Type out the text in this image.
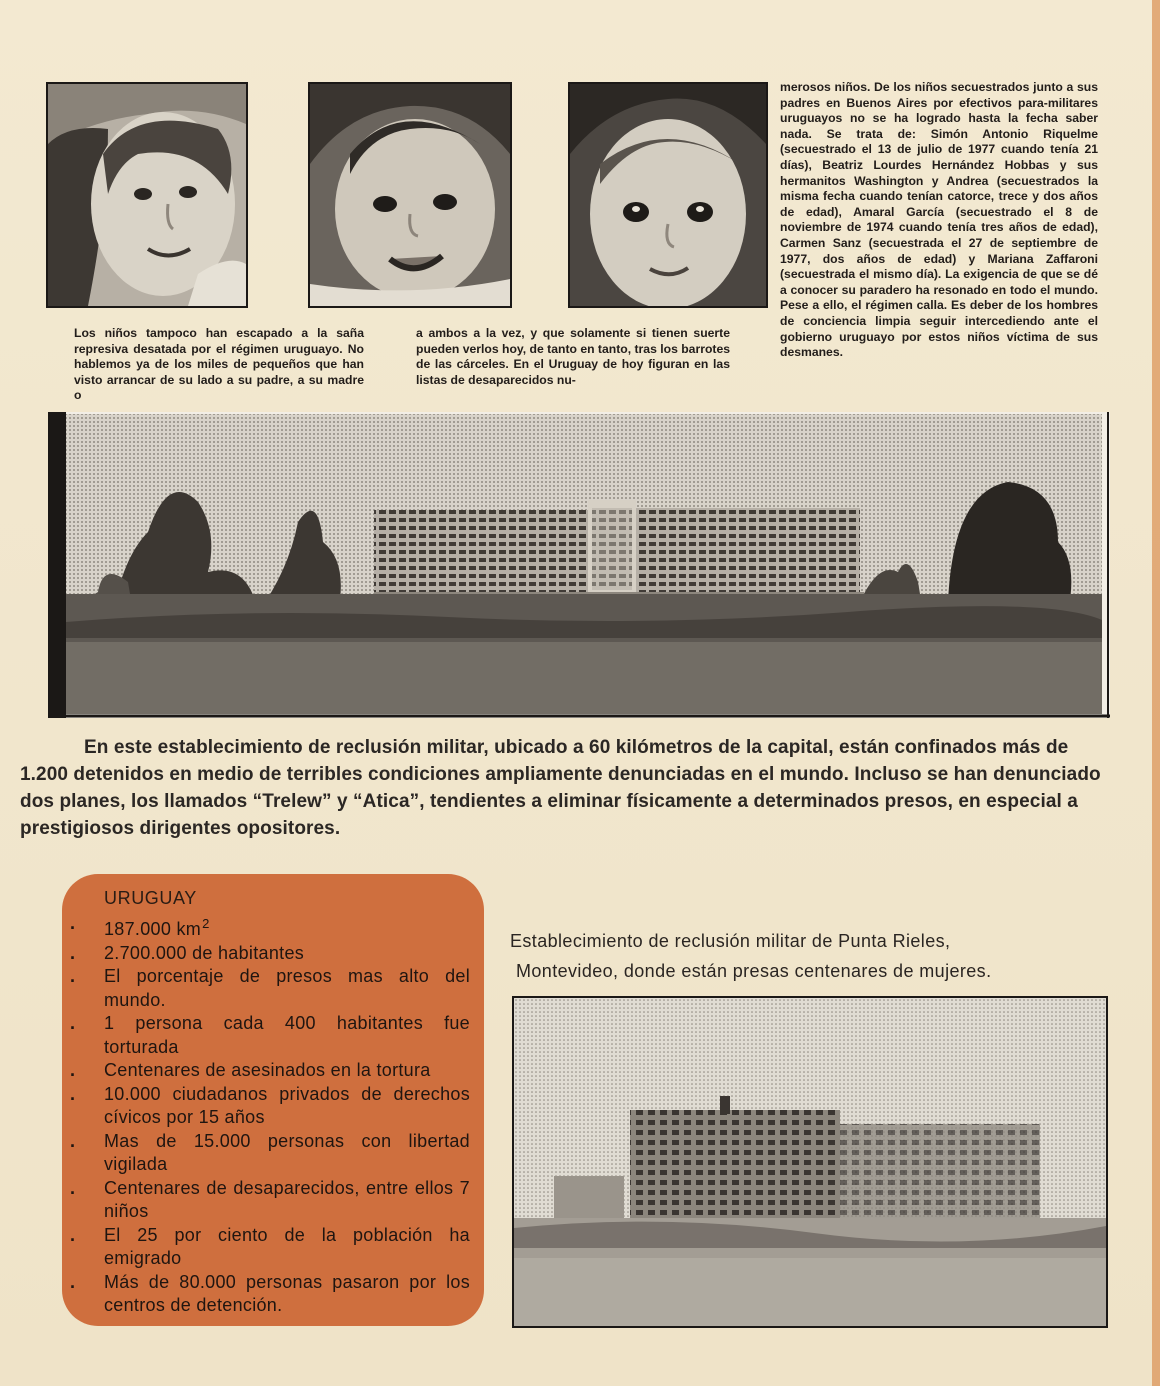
Los niños tampoco han escapado a la saña represiva desatada por el régimen uruguayo. No hablemos ya de los miles de pequeños que han visto arrancar de su lado a su padre, a su madre o

a ambos a la vez, y que solamente si tienen suerte pueden verlos hoy, de tanto en tanto, tras los barrotes de las cárceles. En el Uruguay de hoy figuran en las listas de desaparecidos nu-

merosos niños. De los niños secuestrados junto a sus padres en Buenos Aires por efectivos para-militares uruguayos no se ha logrado hasta la fecha saber nada. Se trata de: Simón Antonio Riquelme (secuestrado el 13 de julio de 1977 cuando tenía 21 días), Beatriz Lourdes Hernández Hobbas y sus hermanitos Washington y Andrea (secuestrados la misma fecha cuando tenían catorce, trece y dos años de edad), Amaral García (secuestrado el 8 de noviembre de 1974 cuando tenía tres años de edad), Carmen Sanz (secuestrada el 27 de septiembre de 1977, dos años de edad) y Mariana Zaffaroni (secuestrada el mismo día). La exigencia de que se dé a conocer su paradero ha resonado en todo el mundo. Pese a ello, el régimen calla. Es deber de los hombres de conciencia limpia seguir intercediendo ante el gobierno uruguayo por estos niños víctima de sus desmanes.

En este establecimiento de reclusión militar, ubicado a 60 kilómetros de la capital, están confinados más de 1.200 detenidos en medio de terribles condiciones ampliamente denunciadas en el mundo. Incluso se han denunciado dos planes, los llamados “Trelew” y “Atica”, tendientes a eliminar físicamente a determinados presos, en especial a prestigiosos dirigentes opositores.

URUGUAY
. 187.000 $km^2$
. 2.700.000 de habitantes
. El porcentaje de presos mas alto del mundo.
. 1 persona cada 400 habitantes fue torturada
. Centenares de asesinados en la tortura
. 10.000 ciudadanos privados de derechos cívicos por 15 años
. Mas de 15.000 personas con libertad vigilada
. Centenares de desaparecidos, entre ellos 7 niños
. El 25 por ciento de la población ha emigrado
. Más de 80.000 personas pasaron por los centros de detención.

Establecimiento de reclusión militar de Punta Rieles,
Montevideo, donde están presas centenares de mujeres.
